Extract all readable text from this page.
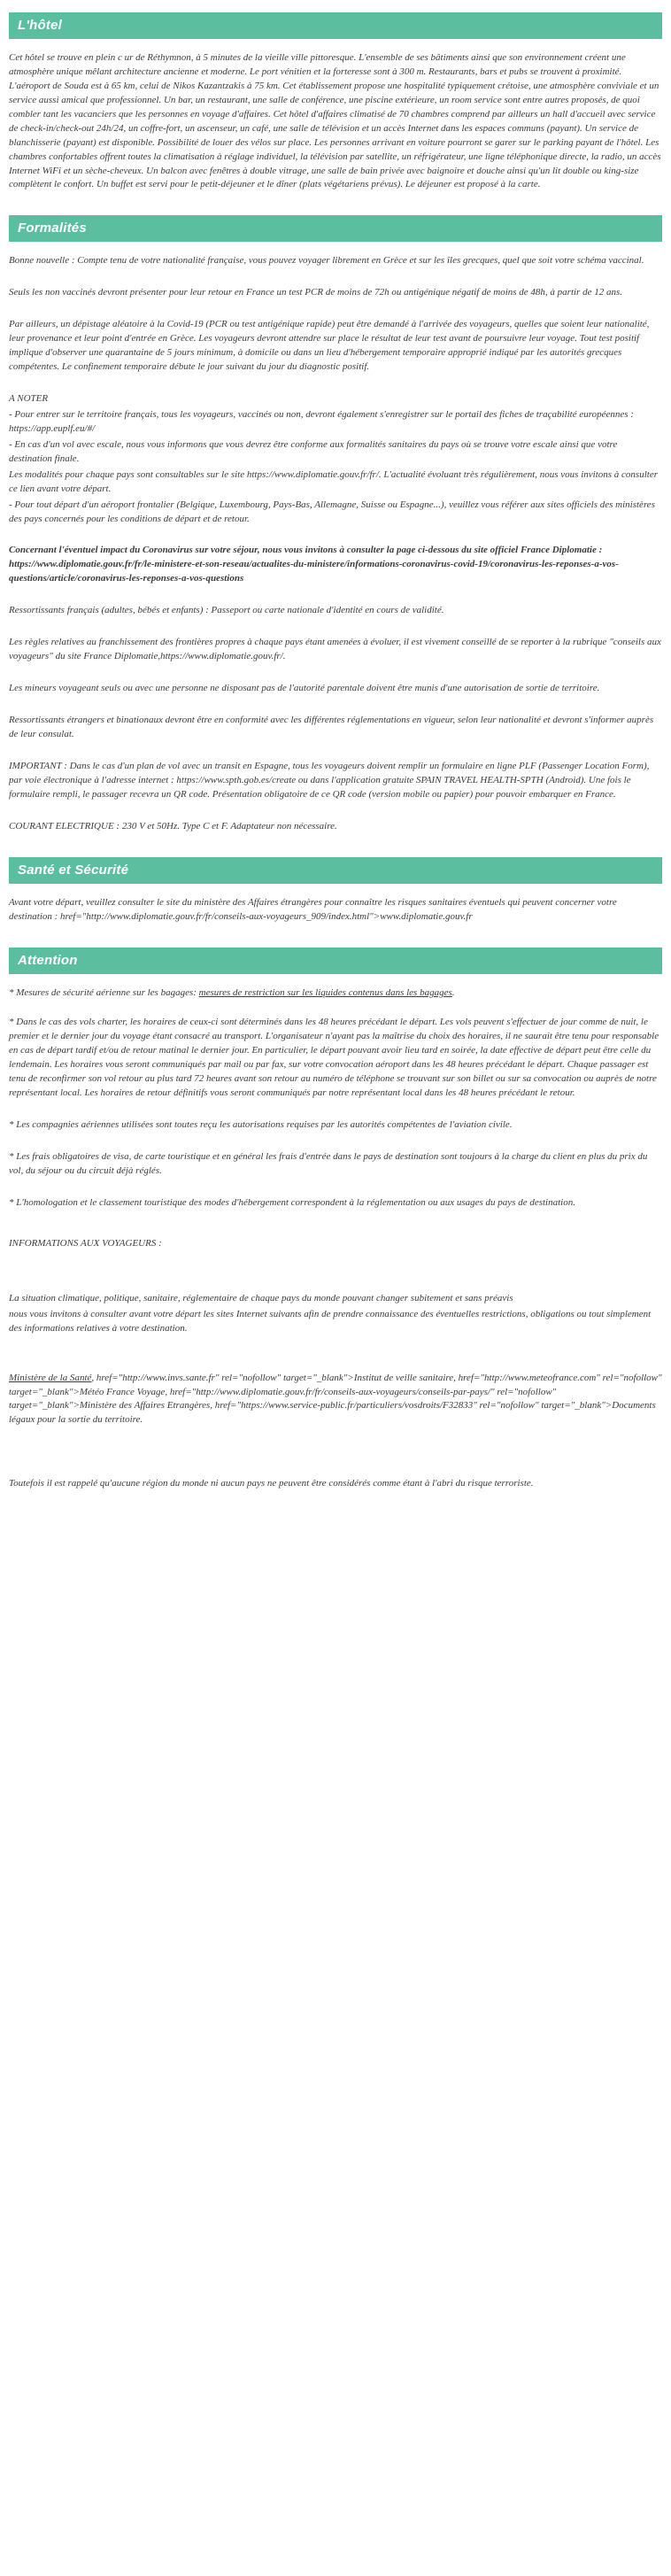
L'hôtel

Cet hôtel se trouve en plein c ur de Réthymnon, à 5 minutes de la vieille ville pittoresque. L'ensemble de ses bâtiments ainsi que son environnement créent une atmosphère unique mêlant architecture ancienne et moderne. Le port vénitien et la forteresse sont à 300 m. Restaurants, bars et pubs se trouvent à proximité. L'aéroport de Souda est à 65 km, celui de Nikos Kazantzakis à 75 km. Cet établissement propose une hospitalité typiquement crétoise, une atmosphère conviviale et un service aussi amical que professionnel. Un bar, un restaurant, une salle de conférence, une piscine extérieure, un room service sont entre autres proposés, de quoi combler tant les vacanciers que les personnes en voyage d'affaires. Cet hôtel d'affaires climatisé de 70 chambres comprend par ailleurs un hall d'accueil avec service de check-in/check-out 24h/24, un coffre-fort, un ascenseur, un café, une salle de télévision et un accès Internet dans les espaces communs (payant). Un service de blanchisserie (payant) est disponible. Possibilité de louer des vélos sur place. Les personnes arrivant en voiture pourront se garer sur le parking payant de l'hôtel. Les chambres confortables offrent toutes la climatisation à réglage individuel, la télévision par satellite, un réfrigérateur, une ligne téléphonique directe, la radio, un accès Internet WiFi et un sèche-cheveux. Un balcon avec fenêtres à double vitrage, une salle de bain privée avec baignoire et douche ainsi qu'un lit double ou king-size complètent le confort. Un buffet est servi pour le petit-déjeuner et le dîner (plats végétariens prévus). Le déjeuner est proposé à la carte.

Formalités

Bonne nouvelle : Compte tenu de votre nationalité française, vous pouvez voyager librement en Grèce et sur les îles grecques, quel que soit votre schéma vaccinal.

Seuls les non vaccinés devront présenter pour leur retour en France un test PCR de moins de 72h ou antigénique négatif de moins de 48h, à partir de 12 ans.

Par ailleurs, un dépistage aléatoire à la Covid-19 (PCR ou test antigénique rapide) peut être demandé à l'arrivée des voyageurs, quelles que soient leur nationalité, leur provenance et leur point d'entrée en Grèce. Les voyageurs devront attendre sur place le résultat de leur test avant de poursuivre leur voyage. Tout test positif implique d'observer une quarantaine de 5 jours minimum, à domicile ou dans un lieu d'hébergement temporaire approprié indiqué par les autorités grecques compétentes. Le confinement temporaire débute le jour suivant du jour du diagnostic positif.

A NOTER

- Pour entrer sur le territoire français, tous les voyageurs, vaccinés ou non, devront également s'enregistrer sur le portail des fiches de traçabilité européennes : https://app.euplf.eu/#/

- En cas d'un vol avec escale, nous vous informons que vous devrez être conforme aux formalités sanitaires du pays où se trouve votre escale ainsi que votre destination finale.

Les modalités pour chaque pays sont consultables sur le site https://www.diplomatie.gouv.fr/fr/. L'actualité évoluant très régulièrement, nous vous invitons à consulter ce lien avant votre départ.

- Pour tout départ d'un aéroport frontalier (Belgique, Luxembourg, Pays-Bas, Allemagne, Suisse ou Espagne...), veuillez vous référer aux sites officiels des ministères des pays concernés pour les conditions de départ et de retour.

Concernant l'éventuel impact du Coronavirus sur votre séjour, nous vous invitons à consulter la page ci-dessous du site officiel France Diplomatie : https://www.diplomatie.gouv.fr/fr/le-ministere-et-son-reseau/actualites-du-ministere/informations-coronavirus-covid-19/coronavirus-les-reponses-a-vos-questions/article/coronavirus-les-reponses-a-vos-questions

Ressortissants français (adultes, bébés et enfants) : Passeport ou carte nationale d'identité en cours de validité.

Les règles relatives au franchissement des frontières propres à chaque pays étant amenées à évoluer, il est vivement conseillé de se reporter à la rubrique "conseils aux voyageurs" du site France Diplomatie,https://www.diplomatie.gouv.fr/.

Les mineurs voyageant seuls ou avec une personne ne disposant pas de l'autorité parentale doivent être munis d'une autorisation de sortie de territoire.

Ressortissants étrangers et binationaux devront être en conformité avec les différentes réglementations en vigueur, selon leur nationalité et devront s'informer auprès de leur consulat.

IMPORTANT : Dans le cas d'un plan de vol avec un transit en Espagne, tous les voyageurs doivent remplir un formulaire en ligne PLF (Passenger Location Form), par voie électronique à l'adresse internet : https://www.spth.gob.es/create ou dans l'application gratuite SPAIN TRAVEL HEALTH-SPTH (Android). Une fois le formulaire rempli, le passager recevra un QR code. Présentation obligatoire de ce QR code (version mobile ou papier) pour pouvoir embarquer en France.

COURANT ELECTRIQUE : 230 V et 50Hz. Type C et F. Adaptateur non nécessaire.

Santé et Sécurité

Avant votre départ, veuillez consulter le site du ministère des Affaires étrangères pour connaître les risques sanitaires éventuels qui peuvent concerner votre destination : href="http://www.diplomatie.gouv.fr/fr/conseils-aux-voyageurs_909/index.html">www.diplomatie.gouv.fr

Attention

* Mesures de sécurité aérienne sur les bagages: mesures de restriction sur les liquides contenus dans les bagages.

* Dans le cas des vols charter, les horaires de ceux-ci sont déterminés dans les 48 heures précédant le départ. Les vols peuvent s'effectuer de jour comme de nuit, le premier et le dernier jour du voyage étant consacré au transport. L'organisateur n'ayant pas la maîtrise du choix des horaires, il ne saurait être tenu pour responsable en cas de départ tardif et/ou de retour matinal le dernier jour. En particulier, le départ pouvant avoir lieu tard en soirée, la date effective de départ peut être celle du lendemain. Les horaires vous seront communiqués par mail ou par fax, sur votre convocation aéroport dans les 48 heures précédant le départ. Chaque passager est tenu de reconfirmer son vol retour au plus tard 72 heures avant son retour au numéro de téléphone se trouvant sur son billet ou sur sa convocation ou auprès de notre représentant local. Les horaires de retour définitifs vous seront communiqués par notre représentant local dans les 48 heures précédant le retour.

* Les compagnies aériennes utilisées sont toutes reçu les autorisations requises par les autorités compétentes de l'aviation civile.

* Les frais obligatoires de visa, de carte touristique et en général les frais d'entrée dans le pays de destination sont toujours à la charge du client en plus du prix du vol, du séjour ou du circuit déjà réglés.

* L'homologation et le classement touristique des modes d'hébergement correspondent à la réglementation ou aux usages du pays de destination.

INFORMATIONS AUX VOYAGEURS :

La situation climatique, politique, sanitaire, réglementaire de chaque pays du monde pouvant changer subitement et sans préavis

nous vous invitons à consulter avant votre départ les sites Internet suivants afin de prendre connaissance des éventuelles restrictions, obligations ou tout simplement des informations relatives à votre destination.

Ministère de la Santé, href="http://www.invs.sante.fr" rel="nofollow" target="_blank">Institut de veille sanitaire, href="http://www.meteofrance.com" rel="nofollow" target="_blank">Météo France Voyage, href="http://www.diplomatie.gouv.fr/fr/conseils-aux-voyageurs/conseils-par-pays/" rel="nofollow" target="_blank">Ministère des Affaires Etrangères, href="https://www.service-public.fr/particuliers/vosdroits/F32833" rel="nofollow" target="_blank">Documents légaux pour la sortie du territoire.

Toutefois il est rappelé qu'aucune région du monde ni aucun pays ne peuvent être considérés comme étant à l'abri du risque terroriste.
